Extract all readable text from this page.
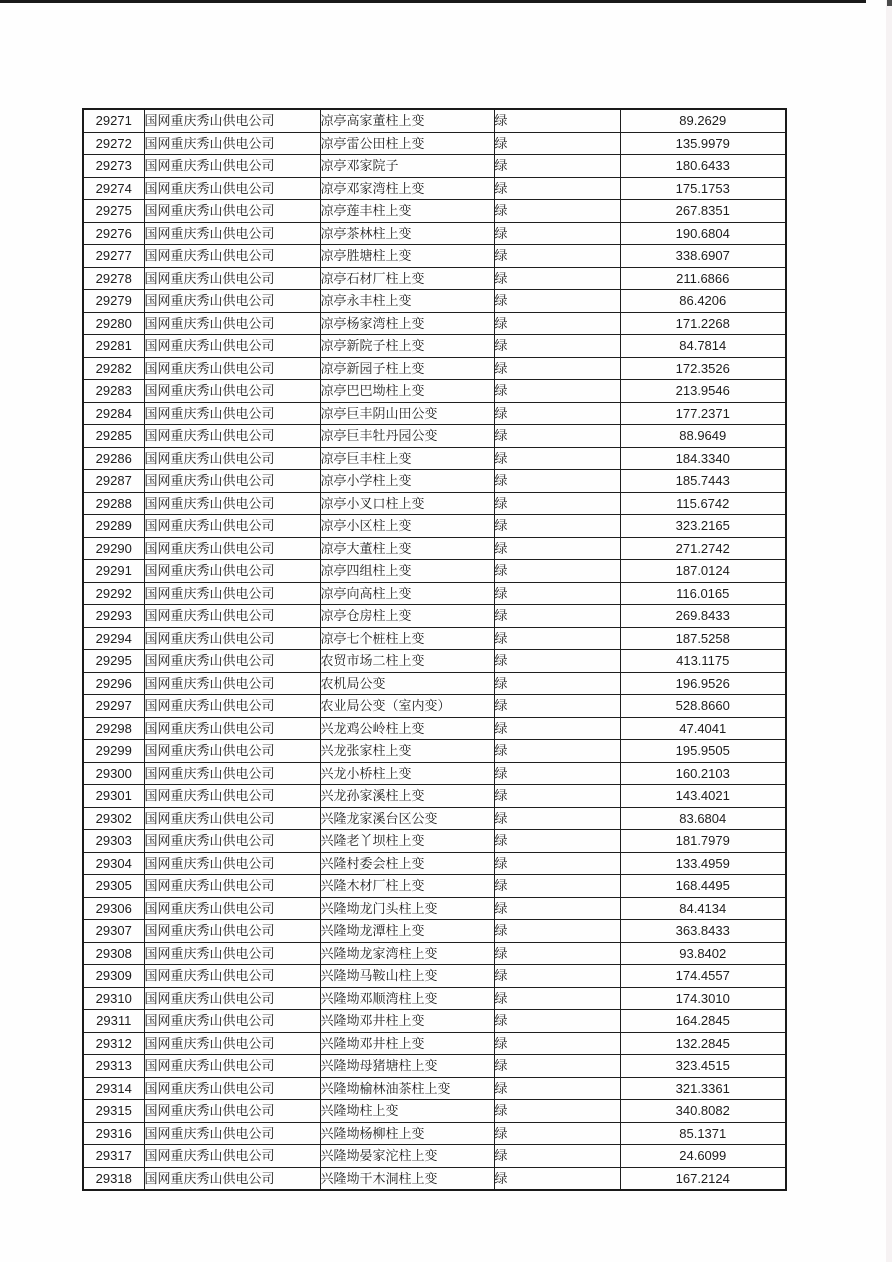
29271	国网重庆秀山供电公司	凉亭高家董柱上变	绿	89.2629
29272	国网重庆秀山供电公司	凉亭雷公田柱上变	绿	135.9979
29273	国网重庆秀山供电公司	凉亭邓家院子	绿	180.6433
29274	国网重庆秀山供电公司	凉亭邓家湾柱上变	绿	175.1753
29275	国网重庆秀山供电公司	凉亭莲丰柱上变	绿	267.8351
29276	国网重庆秀山供电公司	凉亭茶林柱上变	绿	190.6804
29277	国网重庆秀山供电公司	凉亭胜塘柱上变	绿	338.6907
29278	国网重庆秀山供电公司	凉亭石材厂柱上变	绿	211.6866
29279	国网重庆秀山供电公司	凉亭永丰柱上变	绿	86.4206
29280	国网重庆秀山供电公司	凉亭杨家湾柱上变	绿	171.2268
29281	国网重庆秀山供电公司	凉亭新院子柱上变	绿	84.7814
29282	国网重庆秀山供电公司	凉亭新园子柱上变	绿	172.3526
29283	国网重庆秀山供电公司	凉亭巴巴坳柱上变	绿	213.9546
29284	国网重庆秀山供电公司	凉亭巨丰阴山田公变	绿	177.2371
29285	国网重庆秀山供电公司	凉亭巨丰牡丹园公变	绿	88.9649
29286	国网重庆秀山供电公司	凉亭巨丰柱上变	绿	184.3340
29287	国网重庆秀山供电公司	凉亭小学柱上变	绿	185.7443
29288	国网重庆秀山供电公司	凉亭小叉口柱上变	绿	115.6742
29289	国网重庆秀山供电公司	凉亭小区柱上变	绿	323.2165
29290	国网重庆秀山供电公司	凉亭大董柱上变	绿	271.2742
29291	国网重庆秀山供电公司	凉亭四组柱上变	绿	187.0124
29292	国网重庆秀山供电公司	凉亭向高柱上变	绿	116.0165
29293	国网重庆秀山供电公司	凉亭仓房柱上变	绿	269.8433
29294	国网重庆秀山供电公司	凉亭七个桩柱上变	绿	187.5258
29295	国网重庆秀山供电公司	农贸市场二柱上变	绿	413.1175
29296	国网重庆秀山供电公司	农机局公变	绿	196.9526
29297	国网重庆秀山供电公司	农业局公变（室内变）	绿	528.8660
29298	国网重庆秀山供电公司	兴龙鸡公岭柱上变	绿	47.4041
29299	国网重庆秀山供电公司	兴龙张家柱上变	绿	195.9505
29300	国网重庆秀山供电公司	兴龙小桥柱上变	绿	160.2103
29301	国网重庆秀山供电公司	兴龙孙家溪柱上变	绿	143.4021
29302	国网重庆秀山供电公司	兴隆龙家溪台区公变	绿	83.6804
29303	国网重庆秀山供电公司	兴隆老丫坝柱上变	绿	181.7979
29304	国网重庆秀山供电公司	兴隆村委会柱上变	绿	133.4959
29305	国网重庆秀山供电公司	兴隆木材厂柱上变	绿	168.4495
29306	国网重庆秀山供电公司	兴隆坳龙门头柱上变	绿	84.4134
29307	国网重庆秀山供电公司	兴隆坳龙潭柱上变	绿	363.8433
29308	国网重庆秀山供电公司	兴隆坳龙家湾柱上变	绿	93.8402
29309	国网重庆秀山供电公司	兴隆坳马鞍山柱上变	绿	174.4557
29310	国网重庆秀山供电公司	兴隆坳邓顺湾柱上变	绿	174.3010
29311	国网重庆秀山供电公司	兴隆坳邓井柱上变	绿	164.2845
29312	国网重庆秀山供电公司	兴隆坳邓井柱上变	绿	132.2845
29313	国网重庆秀山供电公司	兴隆坳母猪塘柱上变	绿	323.4515
29314	国网重庆秀山供电公司	兴隆坳榆林油茶柱上变	绿	321.3361
29315	国网重庆秀山供电公司	兴隆坳柱上变	绿	340.8082
29316	国网重庆秀山供电公司	兴隆坳杨柳柱上变	绿	85.1371
29317	国网重庆秀山供电公司	兴隆坳晏家沱柱上变	绿	24.6099
29318	国网重庆秀山供电公司	兴隆坳干木洞柱上变	绿	167.2124
